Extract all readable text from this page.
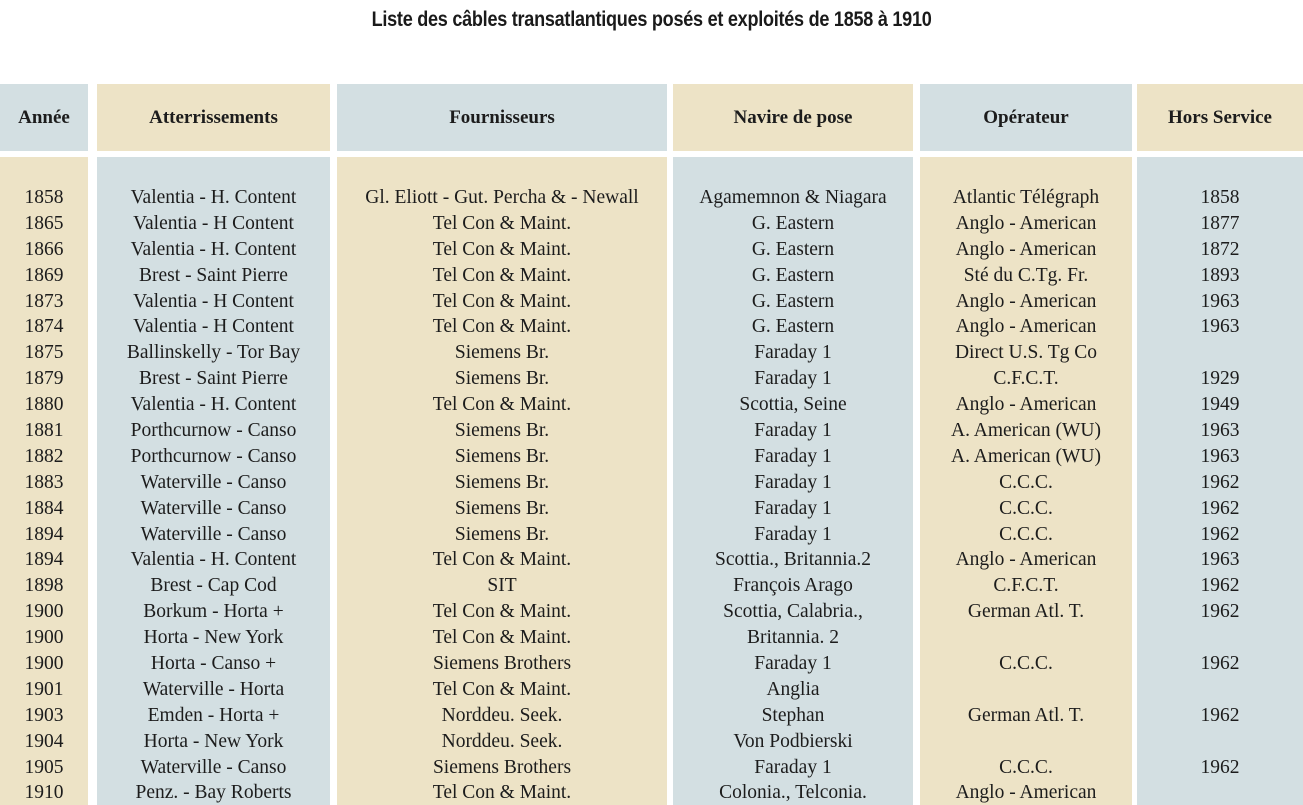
Liste des câbles transatlantiques posés et exploités de 1858 à 1910
Année	Atterrissements	Fournisseurs	Navire de pose	Opérateur	Hors Service
1858	Valentia - H. Content	Gl. Eliott - Gut. Percha & - Newall	Agamemnon & Niagara	Atlantic Télégraph	1858
1865	Valentia - H Content	Tel Con & Maint.	G. Eastern	Anglo - American	1877
1866	Valentia - H. Content	Tel Con & Maint.	G. Eastern	Anglo - American	1872
1869	Brest - Saint Pierre	Tel Con & Maint.	G. Eastern	Sté du C.Tg. Fr.	1893
1873	Valentia - H Content	Tel Con & Maint.	G. Eastern	Anglo - American	1963
1874	Valentia - H Content	Tel Con & Maint.	G. Eastern	Anglo - American	1963
1875	Ballinskelly - Tor Bay	Siemens Br.	Faraday 1	Direct U.S. Tg Co
1879	Brest - Saint Pierre	Siemens Br.	Faraday 1	C.F.C.T.	1929
1880	Valentia - H. Content	Tel Con & Maint.	Scottia, Seine	Anglo - American	1949
1881	Porthcurnow - Canso	Siemens Br.	Faraday 1	A. American (WU)	1963
1882	Porthcurnow - Canso	Siemens Br.	Faraday 1	A. American (WU)	1963
1883	Waterville - Canso	Siemens Br.	Faraday 1	C.C.C.	1962
1884	Waterville - Canso	Siemens Br.	Faraday 1	C.C.C.	1962
1894	Waterville - Canso	Siemens Br.	Faraday 1	C.C.C.	1962
1894	Valentia - H. Content	Tel Con & Maint.	Scottia., Britannia.2	Anglo - American	1963
1898	Brest - Cap Cod	SIT	François Arago	C.F.C.T.	1962
1900	Borkum - Horta +	Tel Con & Maint.	Scottia, Calabria.,	German Atl. T.	1962
1900	Horta - New York	Tel Con & Maint.	Britannia. 2
1900	Horta - Canso +	Siemens Brothers	Faraday 1	C.C.C.	1962
1901	Waterville - Horta	Tel Con & Maint.	Anglia
1903	Emden - Horta +	Norddeu. Seek.	Stephan	German Atl. T.	1962
1904	Horta - New York	Norddeu. Seek.	Von Podbierski
1905	Waterville - Canso	Siemens Brothers	Faraday 1	C.C.C.	1962
1910	Penz. - Bay Roberts	Tel Con & Maint.	Colonia., Telconia.	Anglo - American
